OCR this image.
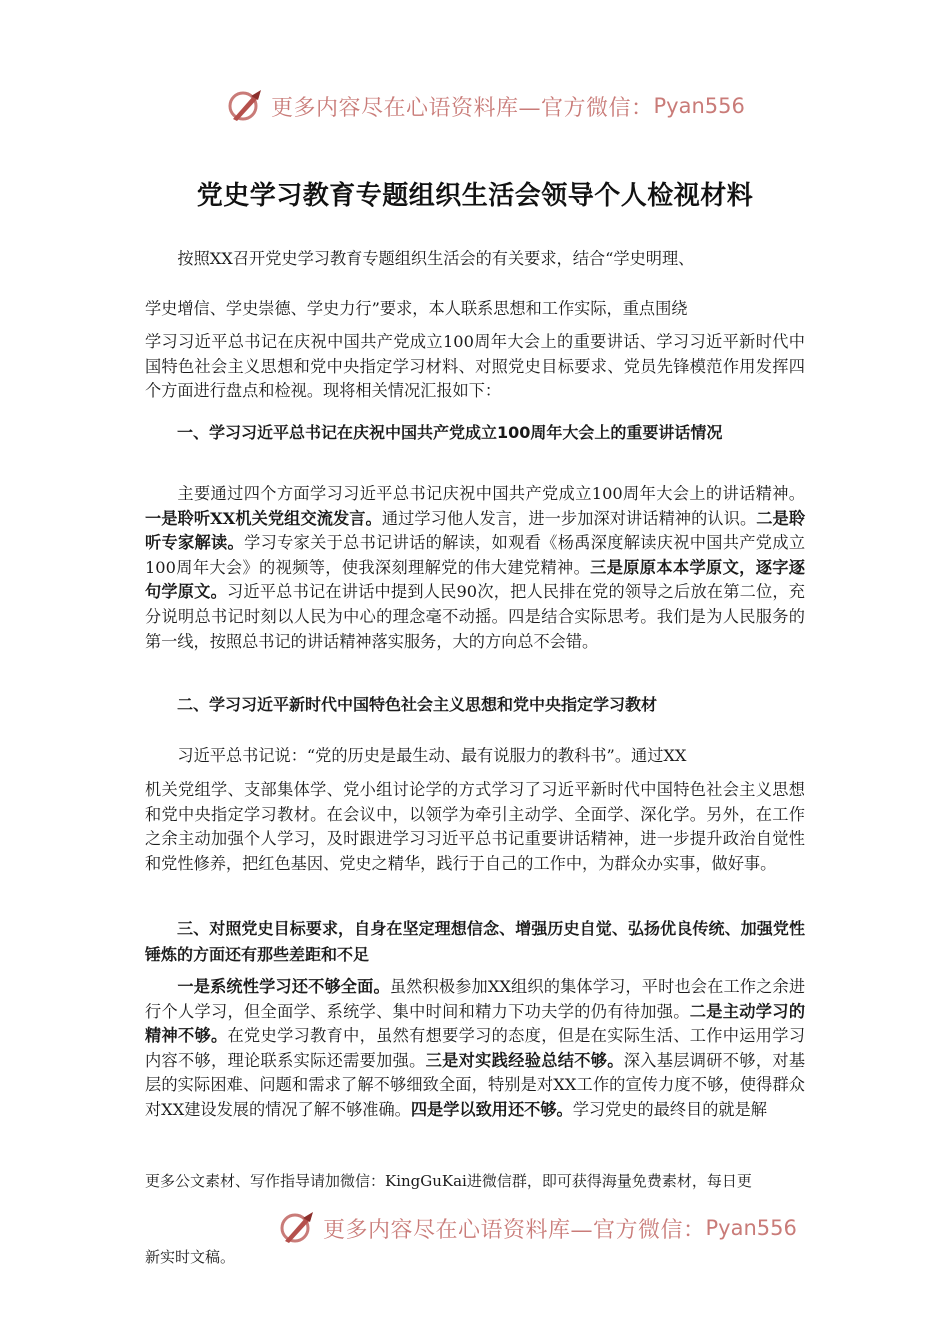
更多内容尽在心语资料库—官方微信： Pyan556
党史学习教育专题组织生活会领导个人检视材料
按照XX召开党史学习教育专题组织生活会的有关要求，结合“学史明理、
学史增信、学史崇德、学史力行”要求，本人联系思想和工作实际，重点围绕
学习习近平总书记在庆祝中国共产党成立100周年大会上的重要讲话、学习习近平新时代中国特色社会主义思想和党中央指定学习材料、对照党史目标要求、党员先锋模范作用发挥四个方面进行盘点和检视。现将相关情况汇报如下：
一、学习习近平总书记在庆祝中国共产党成立100周年大会上的重要讲话情况
主要通过四个方面学习习近平总书记庆祝中国共产党成立100周年大会上的讲话精神。一是聆听XX机关党组交流发言。通过学习他人发言，进一步加深对讲话精神的认识。二是聆听专家解读。学习专家关于总书记讲话的解读，如观看《杨禹深度解读庆祝中国共产党成立100周年大会》的视频等，使我深刻理解党的伟大建党精神。三是原原本本学原文，逐字逐句学原文。习近平总书记在讲话中提到人民90次，把人民排在党的领导之后放在第二位，充分说明总书记时刻以人民为中心的理念毫不动摇。四是结合实际思考。我们是为人民服务的第一线，按照总书记的讲话精神落实服务，大的方向总不会错。
二、学习习近平新时代中国特色社会主义思想和党中央指定学习教材
习近平总书记说：“党的历史是最生动、最有说服力的教科书”。通过XX
机关党组学、支部集体学、党小组讨论学的方式学习了习近平新时代中国特色社会主义思想和党中央指定学习教材。在会议中，以领学为牵引主动学、全面学、深化学。另外，在工作之余主动加强个人学习，及时跟进学习习近平总书记重要讲话精神，进一步提升政治自觉性和党性修养，把红色基因、党史之精华，践行于自己的工作中，为群众办实事，做好事。
三、对照党史目标要求，自身在坚定理想信念、增强历史自觉、弘扬优良传统、加强党性锤炼的方面还有那些差距和不足
一是系统性学习还不够全面。虽然积极参加XX组织的集体学习，平时也会在工作之余进行个人学习，但全面学、系统学、集中时间和精力下功夫学的仍有待加强。二是主动学习的精神不够。在党史学习教育中，虽然有想要学习的态度，但是在实际生活、工作中运用学习内容不够，理论联系实际还需要加强。三是对实践经验总结不够。深入基层调研不够，对基层的实际困难、问题和需求了解不够细致全面，特别是对XX工作的宣传力度不够，使得群众对XX建设发展的情况了解不够准确。四是学以致用还不够。学习党史的最终目的就是解
更多公文素材、写作指导请加微信：KingGuKai进微信群，即可获得海量免费素材，每日更
更多内容尽在心语资料库—官方微信： Pyan556
新实时文稿。
